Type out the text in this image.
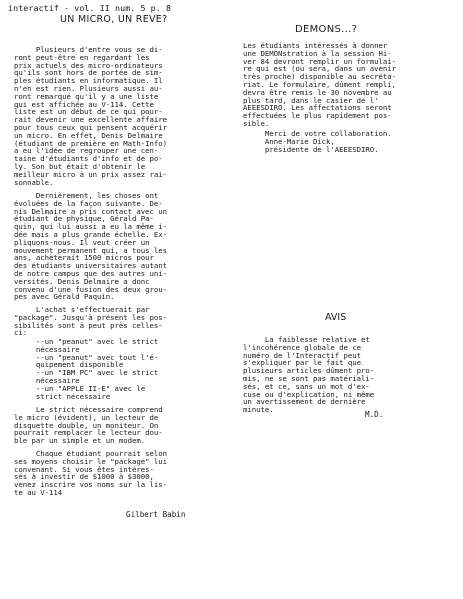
interactif - vol. II num. 5 p. 8
UN MICRO, UN REVE?

Plusieurs d'entre vous se di-
ront peut-être en regardant les
prix actuels des micro-ordinateurs
qu'ils sont hors de portée de sim-
ples étudiants en informatique. Il
n'en est rien. Plusieurs aussi au-
ront remarqué qu'il y a une liste
qui est affichée au V-114. Cette
liste est un début de ce qui pour-
rait devenir une excellente affaire
pour tous ceux qui pensent acquérir
un micro. En effet, Denis Delmaire
(étudiant de première en Math-Info)
a eu l'idée de regrouper une cen-
taine d'étudiants d'info et de po-
ly. Son but était d'obtenir le
meilleur micro à un prix assez rai-
sonnable.

Dernièrement, les choses ont
évoluées de la façon suivante. De-
nis Delmaire a pris contact avec un
étudiant de physique, Gérald Pa-
quin, qui lui aussi a eu la même i-
dée mais a plus grande échelle. Ex-
pliquons-nous. Il veut créer un
mouvement permanent qui, a tous les
ans, achèterait 1500 micros pour
des étudiants universitaires autant
de notre campus que des autres uni-
versités. Denis Delmaire a donc
convenu d'une fusion des deux grou-
pes avec Gérald Paquin.

L'achat s'effectuerait par
"package". Jusqu'à présent les pos-
sibilités sont à peut près celles-
ci:

--un "peanut" avec le strict
nécessaire
--un "peanut" avec tout l'é-
quipement disponible
--un "IBM PC" avec le strict
nécessaire
--un "APPLE II-E" avec le
strict nécessaire

Le strict nécessaire comprend
le micro (évident), un lecteur de
disquette double, un moniteur. On
pourrait remplacer le lecteur dou-
ble par un simple et un modem.

Chaque étudiant pourrait selon
ses moyens choisir le "package" lui
convenant. Si vous êtes intéres-
sés à investir de $1000 à $3000,
venez inscrire vos noms sur la lis-
te au V-114

Gilbert Babin
DEMONS...?

Les étudiants intéressés à donner
une DEMONstration à la session Hi-
ver 84 devront remplir un formulai-
re qui est (ou sera, dans un avenir
très proche) disponible au secréta-
riat. Le formulaire, dûment rempli,
devra être remis le 30 novembre au
plus tard, dans le casier de l'
AEEESDIRO. Les affectations seront
effectuées le plus rapidement pos-
sible.

Merci de votre collaboration.
Anne-Marie Dick,
présidente de l'AEEESDIRO.

AVIS

La faiblesse relative et
l'incohérence globale de ce
numéro de l'Interactif peut
s'expliquer par le fait que
plusieurs articles dûment pro-
mis, ne se sont pas matériali-
sés, et ce, sans un mot d'ex-
cuse ou d'explication, ni même
un avertissement de dernière
minute.

M.D.
